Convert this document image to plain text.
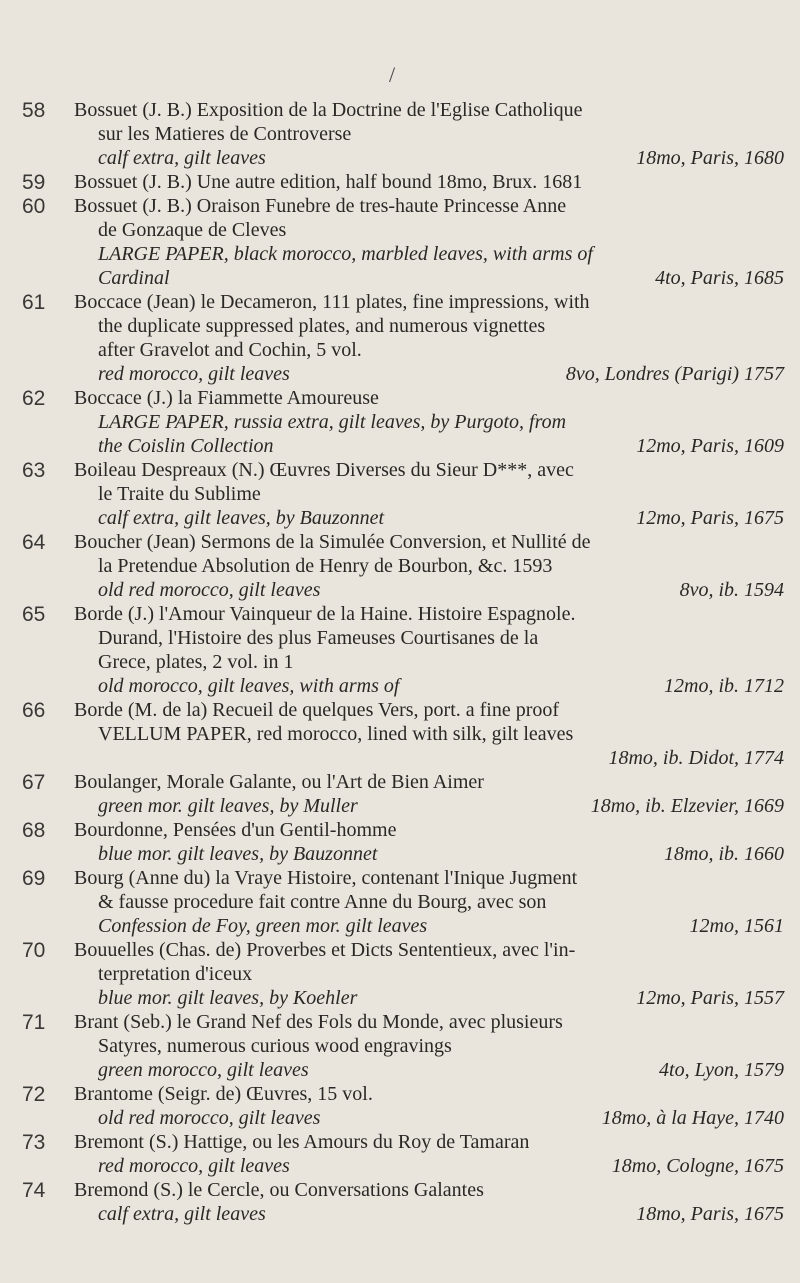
/
58	Bossuet (J. B.) Exposition de la Doctrine de l'Eglise Catholique
sur les Matieres de Controverse
calf extra, gilt leaves	18mo, Paris, 1680
59	Bossuet (J. B.) Une autre edition, half bound 18mo, Brux. 1681
60	Bossuet (J. B.) Oraison Funebre de tres-haute Princesse Anne
de Gonzaque de Cleves
LARGE PAPER, black morocco, marbled leaves, with arms of
Cardinal	4to, Paris, 1685
61	Boccace (Jean) le Decameron, 111 plates, fine impressions, with
the duplicate suppressed plates, and numerous vignettes
after Gravelot and Cochin, 5 vol.
red morocco, gilt leaves	8vo, Londres (Parigi) 1757
62	Boccace (J.) la Fiammette Amoureuse
LARGE PAPER, russia extra, gilt leaves, by Purgoto, from
the Coislin Collection	12mo, Paris, 1609
63	Boileau Despreaux (N.) Œuvres Diverses du Sieur D***, avec
le Traite du Sublime
calf extra, gilt leaves, by Bauzonnet	12mo, Paris, 1675
64	Boucher (Jean) Sermons de la Simulée Conversion, et Nullité de
la Pretendue Absolution de Henry de Bourbon, &c. 1593
old red morocco, gilt leaves	8vo, ib. 1594
65	Borde (J.) l'Amour Vainqueur de la Haine. Histoire Espagnole.
Durand, l'Histoire des plus Fameuses Courtisanes de la
Grece, plates, 2 vol. in 1
old morocco, gilt leaves, with arms of	12mo, ib. 1712
66	Borde (M. de la) Recueil de quelques Vers, port. a fine proof
VELLUM PAPER, red morocco, lined with silk, gilt leaves
18mo, ib. Didot, 1774
67	Boulanger, Morale Galante, ou l'Art de Bien Aimer
green mor. gilt leaves, by Muller	18mo, ib. Elzevier, 1669
68	Bourdonne, Pensées d'un Gentil-homme
blue mor. gilt leaves, by Bauzonnet	18mo, ib. 1660
69	Bourg (Anne du) la Vraye Histoire, contenant l'Inique Jugment
& fausse procedure fait contre Anne du Bourg, avec son
Confession de Foy, green mor. gilt leaves	12mo, 1561
70	Bouuelles (Chas. de) Proverbes et Dicts Sententieux, avec l'in-
terpretation d'iceux
blue mor. gilt leaves, by Koehler	12mo, Paris, 1557
71	Brant (Seb.) le Grand Nef des Fols du Monde, avec plusieurs
Satyres, numerous curious wood engravings
green morocco, gilt leaves	4to, Lyon, 1579
72	Brantome (Seigr. de) Œuvres, 15 vol.
old red morocco, gilt leaves	18mo, à la Haye, 1740
73	Bremont (S.) Hattige, ou les Amours du Roy de Tamaran
red morocco, gilt leaves	18mo, Cologne, 1675
74	Bremond (S.) le Cercle, ou Conversations Galantes
calf extra, gilt leaves	18mo, Paris, 1675
